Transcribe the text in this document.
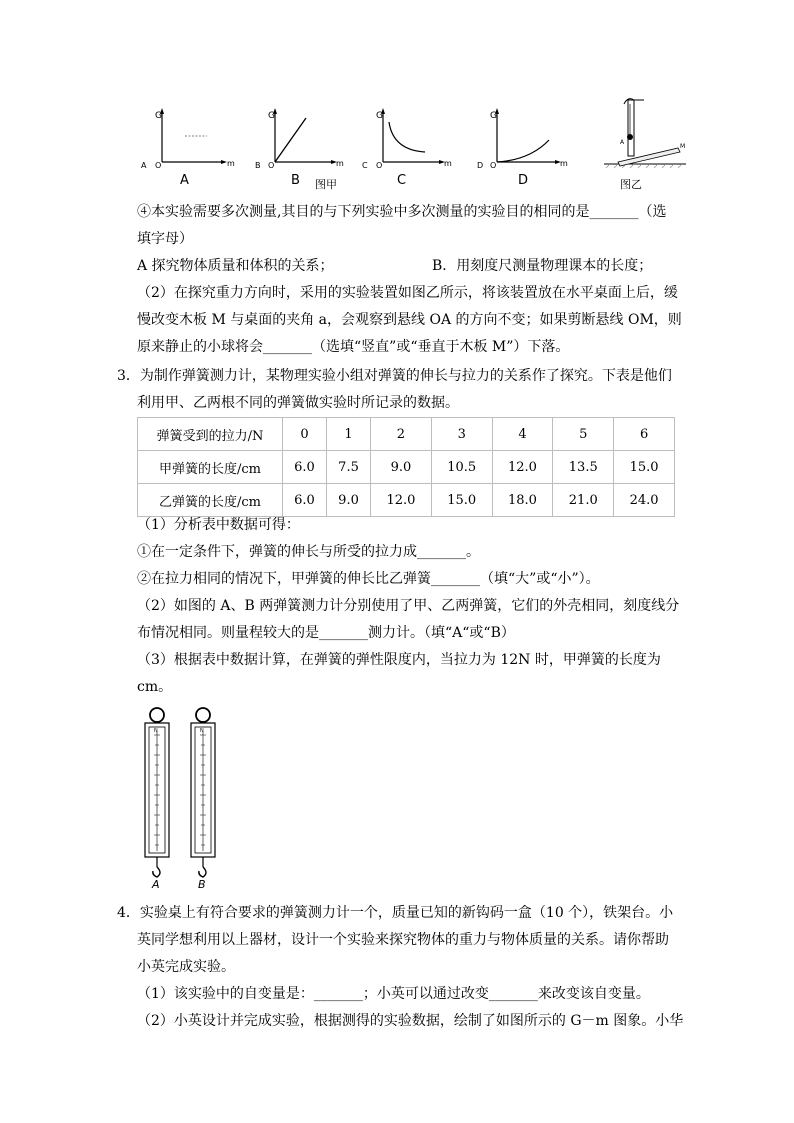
G
m
O
A
A
G
m
O
B
B
G
m
O
C
C
G
m
O
D
D
图甲
A
M
图乙
④本实验需要多次测量,其目的与下列实验中多次测量的实验目的相同的是_______（选
填字母）
A 探究物体质量和体积的关系；	B．用刻度尺测量物理课本的长度；
（2）在探究重力方向时，采用的实验装置如图乙所示，将该装置放在水平桌面上后，缓
慢改变木板 M 与桌面的夹角 a，会观察到悬线 OA 的方向不变；如果剪断悬线 OM，则
原来静止的小球将会_______（选填“竖直”或“垂直于木板 M”）下落。
3．为制作弹簧测力计，某物理实验小组对弹簧的伸长与拉力的关系作了探究。下表是他们
利用甲、乙两根不同的弹簧做实验时所记录的数据。
弹簧受到的拉力/N	0	1	2	3	4	5	6
甲弹簧的长度/cm	6.0	7.5	9.0	10.5	12.0	13.5	15.0
乙弹簧的长度/cm	6.0	9.0	12.0	15.0	18.0	21.0	24.0
（1）分析表中数据可得：
①在一定条件下，弹簧的伸长与所受的拉力成_______。
②在拉力相同的情况下，甲弹簧的伸长比乙弹簧_______（填“大”或“小”）。
（2）如图的 A、B 两弹簧测力计分别使用了甲、乙两弹簧，它们的外壳相同，刻度线分
布情况相同。则量程较大的是_______测力计。（填“A“或“B）
（3）根据表中数据计算，在弹簧的弹性限度内，当拉力为 12N 时，甲弹簧的长度为
cm。
N
A
N
B
4．实验桌上有符合要求的弹簧测力计一个，质量已知的新钩码一盒（10 个），铁架台。小
英同学想利用以上器材，设计一个实验来探究物体的重力与物体质量的关系。请你帮助
小英完成实验。
（1）该实验中的自变量是：_______；小英可以通过改变_______来改变该自变量。
（2）小英设计并完成实验，根据测得的实验数据，绘制了如图所示的 G－m 图象。小华
